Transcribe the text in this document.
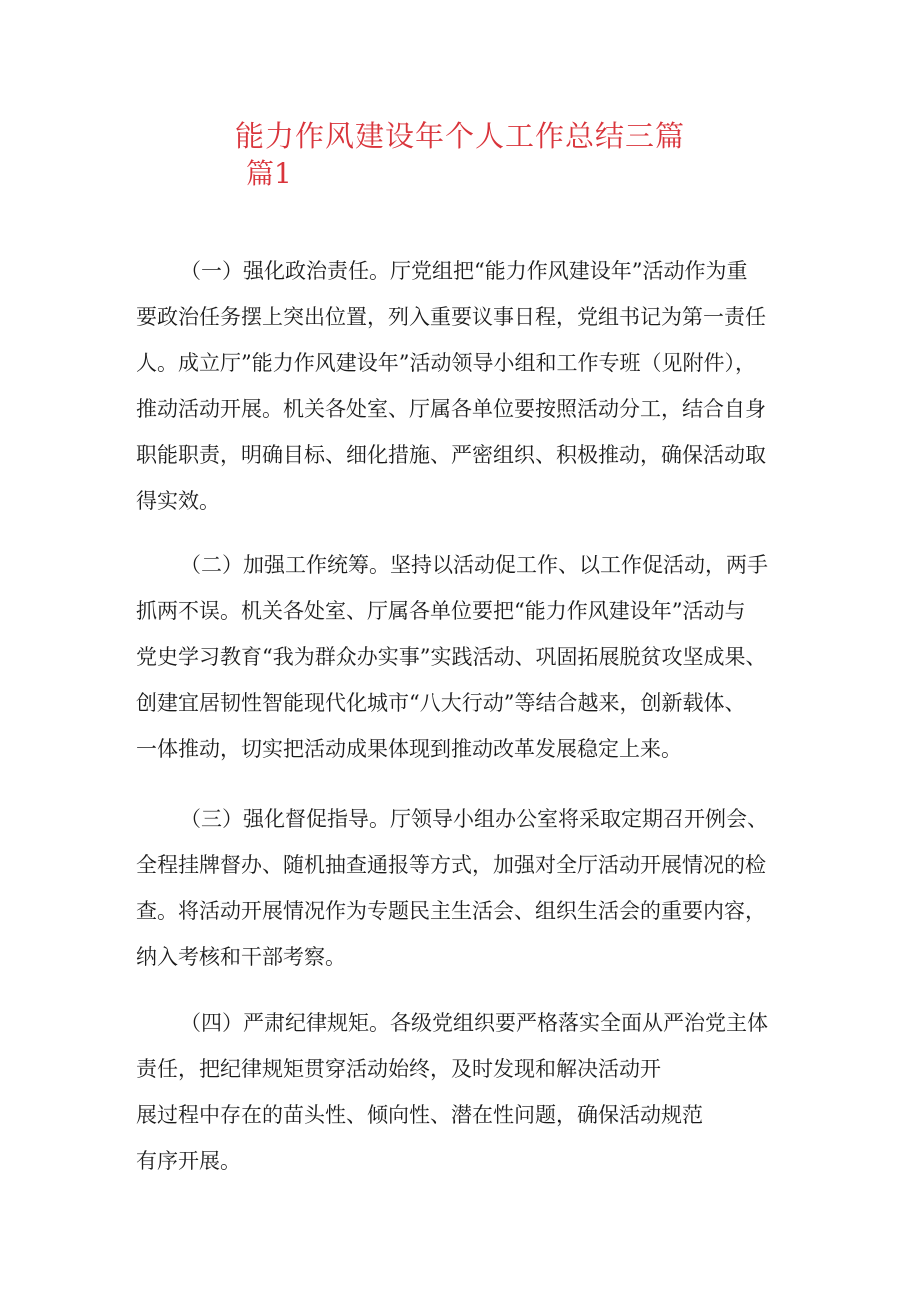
能力作风建设年个人工作总结三篇
篇1
（一）强化政治责任。厅党组把“能力作风建设年”活动作为重
要政治任务摆上突出位置，列入重要议事日程，党组书记为第一责任
人。成立厅”能力作风建设年”活动领导小组和工作专班（见附件），
推动活动开展。机关各处室、厅属各单位要按照活动分工，结合自身
职能职责，明确目标、细化措施、严密组织、积极推动，确保活动取
得实效。
（二）加强工作统筹。坚持以活动促工作、以工作促活动，两手
抓两不误。机关各处室、厅属各单位要把“能力作风建设年”活动与
党史学习教育“我为群众办实事”实践活动、巩固拓展脱贫攻坚成果、
创建宜居韧性智能现代化城市“八大行动”等结合越来，创新载体、
一体推动，切实把活动成果体现到推动改革发展稳定上来。
（三）强化督促指导。厅领导小组办公室将采取定期召开例会、
全程挂牌督办、随机抽查通报等方式，加强对全厅活动开展情况的检
查。将活动开展情况作为专题民主生活会、组织生活会的重要内容，
纳入考核和干部考察。
（四）严肃纪律规矩。各级党组织要严格落实全面从严治党主体
责任，把纪律规矩贯穿活动始终，及时发现和解决活动开
展过程中存在的苗头性、倾向性、潜在性问题，确保活动规范
有序开展。
